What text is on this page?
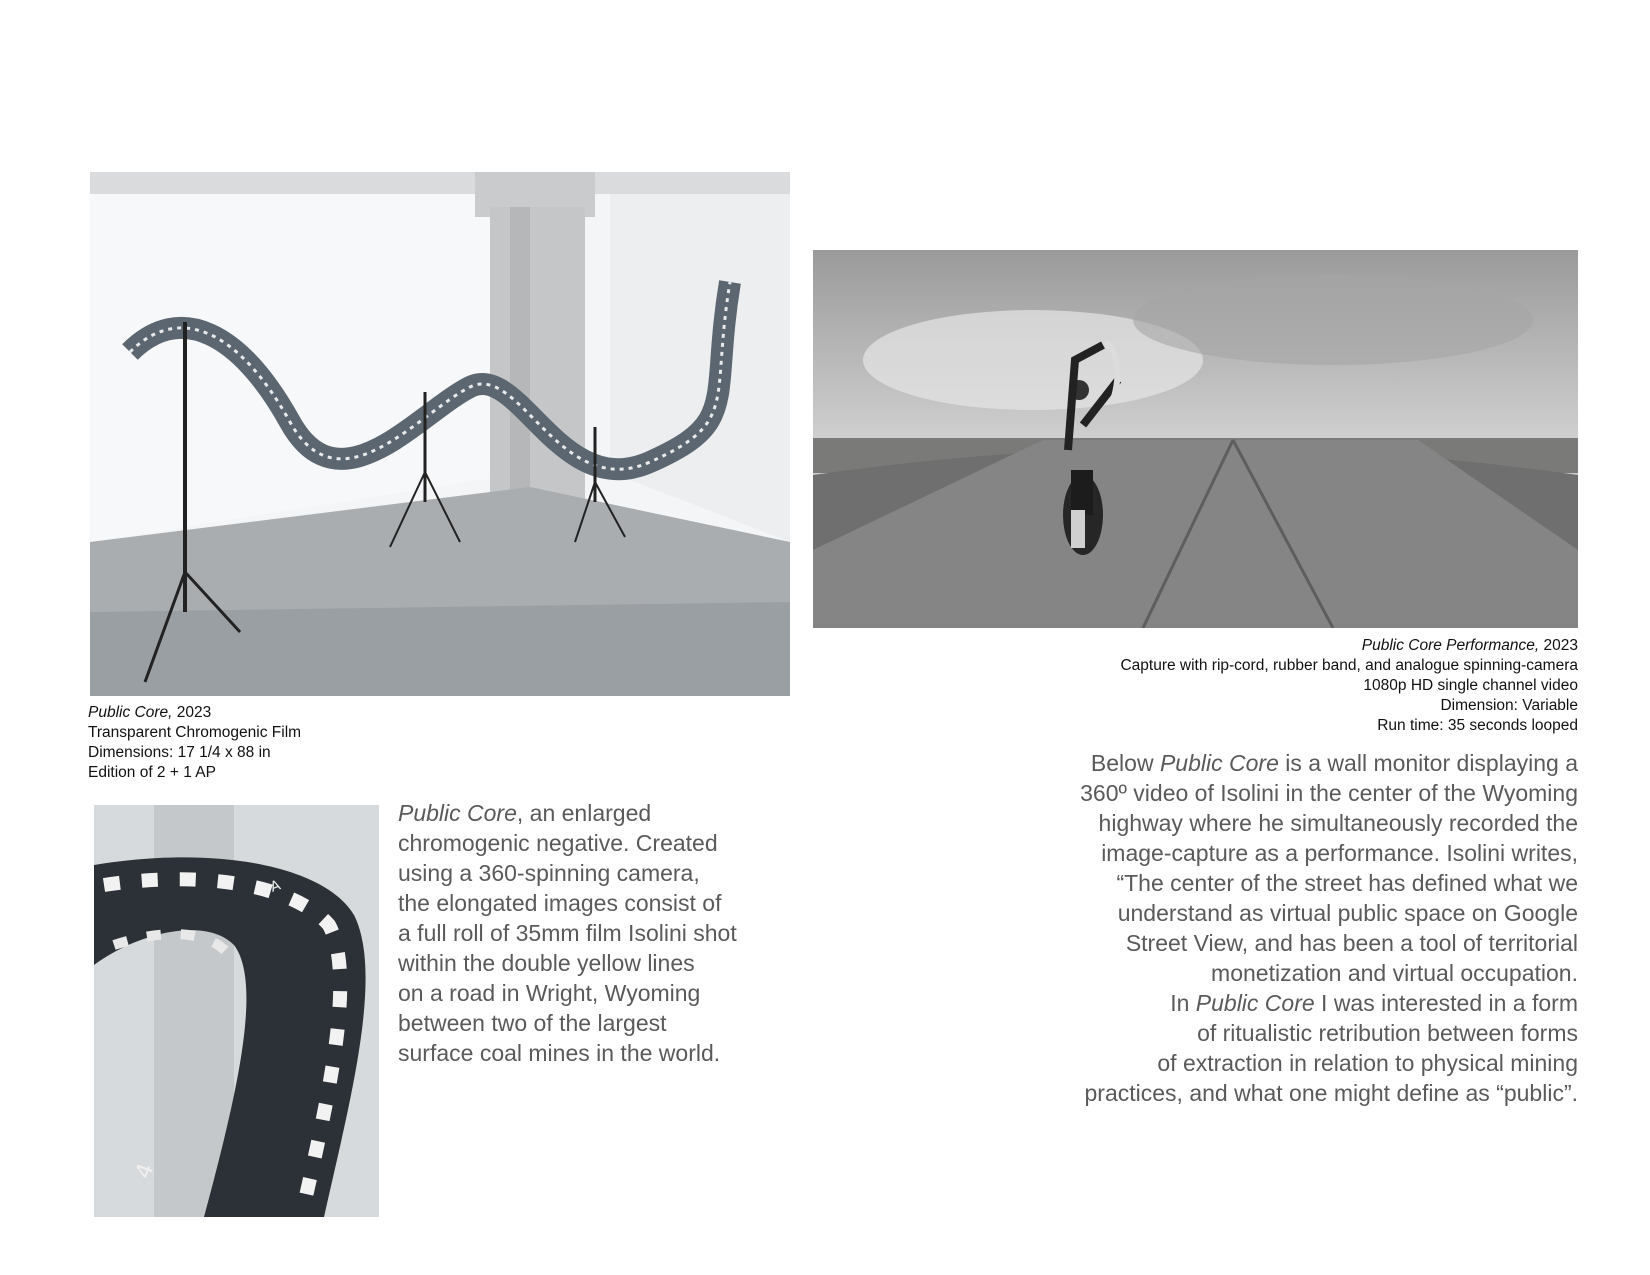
Public Core, 2023
Transparent Chromogenic Film
Dimensions: 17 1/4 x 88 in
Edition of 2 + 1 AP
Public Core Performance, 2023
Capture with rip-cord, rubber band, and analogue spinning-camera
1080p HD single channel video
Dimension: Variable
Run time: 35 seconds looped
4A
4
Public Core, an enlarged
chromogenic negative. Created
using a 360-spinning camera,
the elongated images consist of
a full roll of 35mm film Isolini shot
within the double yellow lines
on a road in Wright, Wyoming
between two of the largest
surface coal mines in the world.
Below Public Core is a wall monitor displaying a
360º video of Isolini in the center of the Wyoming
highway where he simultaneously recorded the
image-capture as a performance. Isolini writes,
“The center of the street has defined what we
understand as virtual public space on Google
Street View, and has been a tool of territorial
monetization and virtual occupation.
In Public Core I was interested in a form
of ritualistic retribution between forms
of extraction in relation to physical mining
practices, and what one might define as “public”.
